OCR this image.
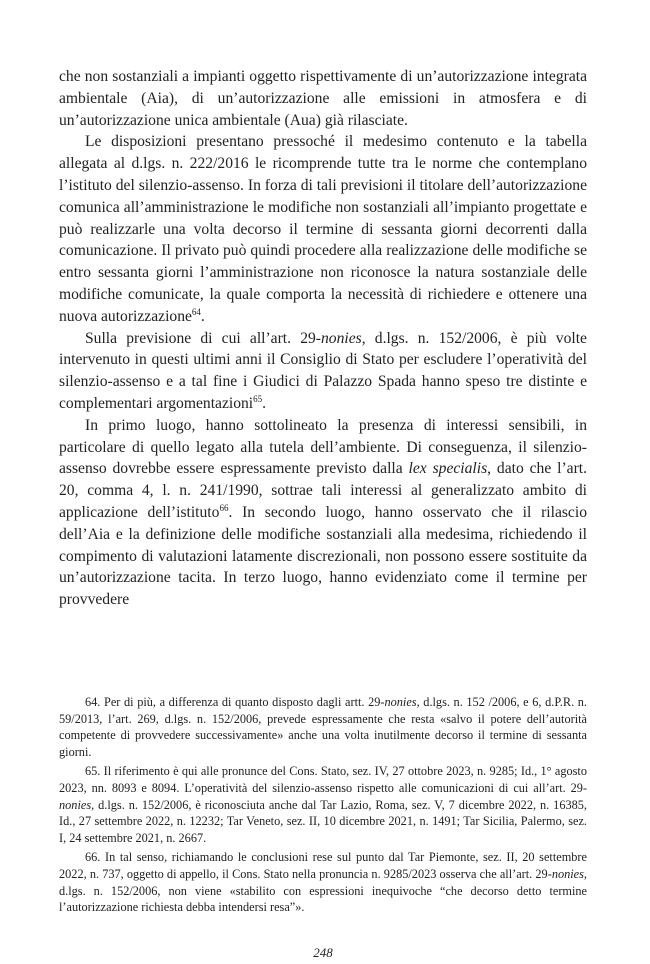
che non sostanziali a impianti oggetto rispettivamente di un’autorizzazione integrata ambientale (Aia), di un’autorizzazione alle emissioni in atmosfera e di un’autorizzazione unica ambientale (Aua) già rilasciate.

Le disposizioni presentano pressoché il medesimo contenuto e la tabella allegata al d.lgs. n. 222/2016 le ricomprende tutte tra le norme che contemplano l’istituto del silenzio-assenso. In forza di tali previsioni il titolare dell’autorizzazione comunica all’amministrazione le modifiche non sostanziali all’impianto progettate e può realizzarle una volta decorso il termine di sessanta giorni decorrenti dalla comunicazione. Il privato può quindi procedere alla realizzazione delle modifiche se entro sessanta giorni l’amministrazione non riconosce la natura sostanziale delle modifiche comunicate, la quale comporta la necessità di richiedere e ottenere una nuova autorizzazione$^{64}$.

Sulla previsione di cui all’art. 29-nonies, d.lgs. n. 152/2006, è più volte intervenuto in questi ultimi anni il Consiglio di Stato per escludere l’operatività del silenzio-assenso e a tal fine i Giudici di Palazzo Spada hanno speso tre distinte e complementari argomentazioni$^{65}$.

In primo luogo, hanno sottolineato la presenza di interessi sensibili, in particolare di quello legato alla tutela dell’ambiente. Di conseguenza, il silenzio-assenso dovrebbe essere espressamente previsto dalla lex specialis, dato che l’art. 20, comma 4, l. n. 241/1990, sottrae tali interessi al generalizzato ambito di applicazione dell’istituto$^{66}$. In secondo luogo, hanno osservato che il rilascio dell’Aia e la definizione delle modifiche sostanziali alla medesima, richiedendo il compimento di valutazioni latamente discrezionali, non possono essere sostituite da un’autorizzazione tacita. In terzo luogo, hanno evidenziato come il termine per provvedere

64. Per di più, a differenza di quanto disposto dagli artt. 29-nonies, d.lgs. n. 152 /2006, e 6, d.P.R. n. 59/2013, l’art. 269, d.lgs. n. 152/2006, prevede espressamente che resta «salvo il potere dell’autorità competente di provvedere successivamente» anche una volta inutilmente decorso il termine di sessanta giorni.

65. Il riferimento è qui alle pronunce del Cons. Stato, sez. IV, 27 ottobre 2023, n. 9285; Id., 1° agosto 2023, nn. 8093 e 8094. L’operatività del silenzio-assenso rispetto alle comunicazioni di cui all’art. 29-nonies, d.lgs. n. 152/2006, è riconosciuta anche dal Tar Lazio, Roma, sez. V, 7 dicembre 2022, n. 16385, Id., 27 settembre 2022, n. 12232; Tar Veneto, sez. II, 10 dicembre 2021, n. 1491; Tar Sicilia, Palermo, sez. I, 24 settembre 2021, n. 2667.

66. In tal senso, richiamando le conclusioni rese sul punto dal Tar Piemonte, sez. II, 20 settembre 2022, n. 737, oggetto di appello, il Cons. Stato nella pronuncia n. 9285/2023 osserva che all’art. 29-nonies, d.lgs. n. 152/2006, non viene «stabilito con espressioni inequivoche “che decorso detto termine l’autorizzazione richiesta debba intendersi resa”».

248
